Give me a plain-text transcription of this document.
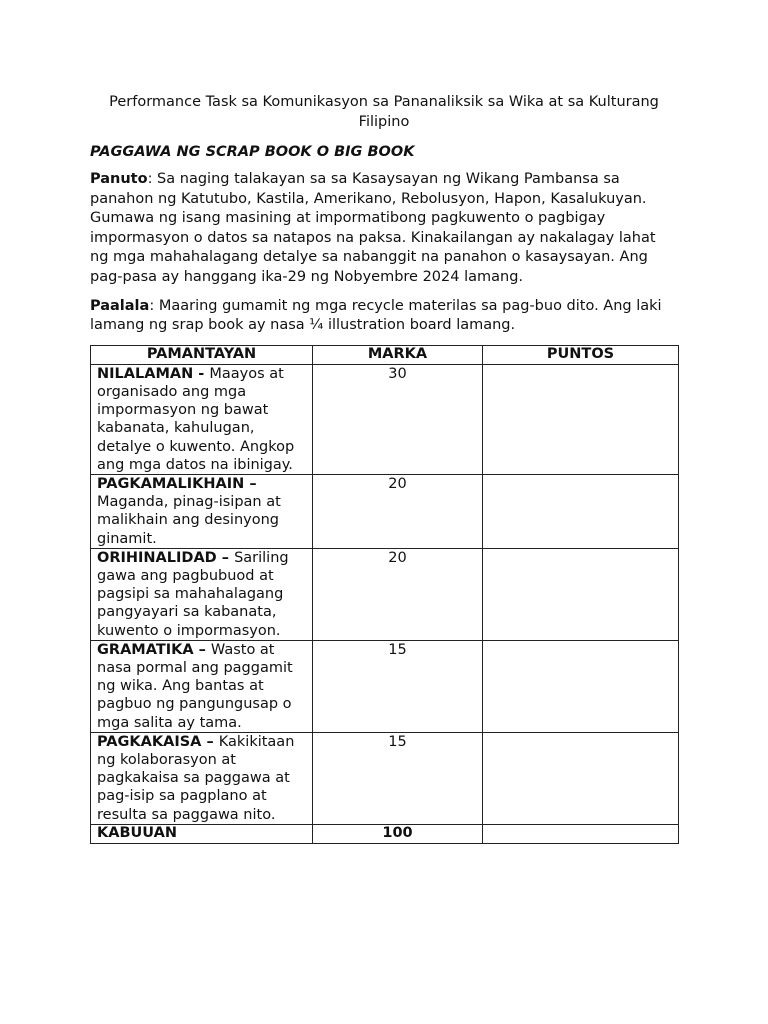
Performance Task sa Komunikasyon sa Pananaliksik sa Wika at sa Kulturang Filipino
PAGGAWA NG SCRAP BOOK O BIG BOOK
Panuto: Sa naging talakayan sa sa Kasaysayan ng Wikang Pambansa sa panahon ng Katutubo, Kastila, Amerikano, Rebolusyon, Hapon, Kasalukuyan. Gumawa ng isang masining at impormatibong pagkuwento o pagbigay impormasyon o datos sa natapos na paksa. Kinakailangan ay nakalagay lahat ng mga mahahalagang detalye sa nabanggit na panahon o kasaysayan. Ang pag-pasa ay hanggang ika-29 ng Nobyembre 2024 lamang.
Paalala: Maaring gumamit ng mga recycle materilas sa pag-buo dito. Ang laki lamang ng srap book ay nasa ¼ illustration board lamang.
PAMANTAYAN	MARKA	PUNTOS
NILALAMAN - Maayos at organisado ang mga impormasyon ng bawat kabanata, kahulugan, detalye o kuwento. Angkop ang mga datos na ibinigay.	30	
PAGKAMALIKHAIN – Maganda, pinag-isipan at malikhain ang desinyong ginamit.	20	
ORIHINALIDAD – Sariling gawa ang pagbubuod at pagsipi sa mahahalagang pangyayari sa kabanata, kuwento o impormasyon.	20	
GRAMATIKA – Wasto at nasa pormal ang paggamit ng wika. Ang bantas at pagbuo ng pangungusap o mga salita ay tama.	15	
PAGKAKAISA – Kakikitaan ng kolaborasyon at pagkakaisa sa paggawa at pag-isip sa pagplano at resulta sa paggawa nito.	15	
KABUUAN	100	
